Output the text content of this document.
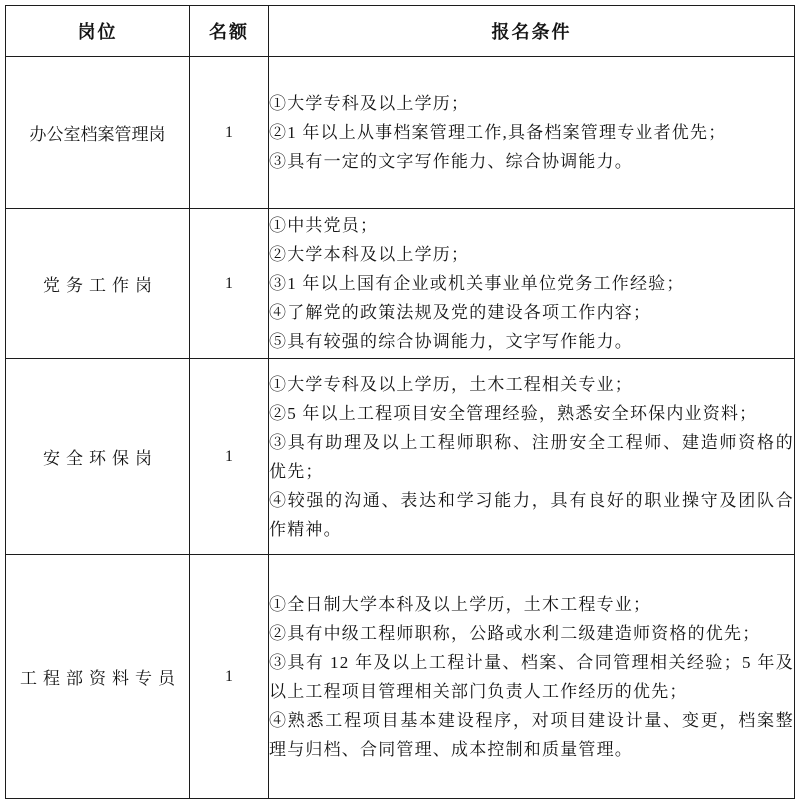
岗位	名额	报名条件
办公室档案管理岗	1	①大学专科及以上学历；

②1 年以上从事档案管理工作,具备档案管理专业者优先；

③具有一定的文字写作能力、综合协调能力。

党务工作岗	1	①中共党员；

②大学本科及以上学历；

③1 年以上国有企业或机关事业单位党务工作经验；

④了解党的政策法规及党的建设各项工作内容；

⑤具有较强的综合协调能力，文字写作能力。

安全环保岗	1	①大学专科及以上学历，土木工程相关专业；

②5 年以上工程项目安全管理经验，熟悉安全环保内业资料；

③具有助理及以上工程师职称、注册安全工程师、建造师资格的优先；

④较强的沟通、表达和学习能力，具有良好的职业操守及团队合作精神。

工程部资料专员	1	①全日制大学本科及以上学历，土木工程专业；

②具有中级工程师职称，公路或水利二级建造师资格的优先；

③具有 12 年及以上工程计量、档案、合同管理相关经验；5 年及以上工程项目管理相关部门负责人工作经历的优先；

④熟悉工程项目基本建设程序，对项目建设计量、变更，档案整理与归档、合同管理、成本控制和质量管理。
